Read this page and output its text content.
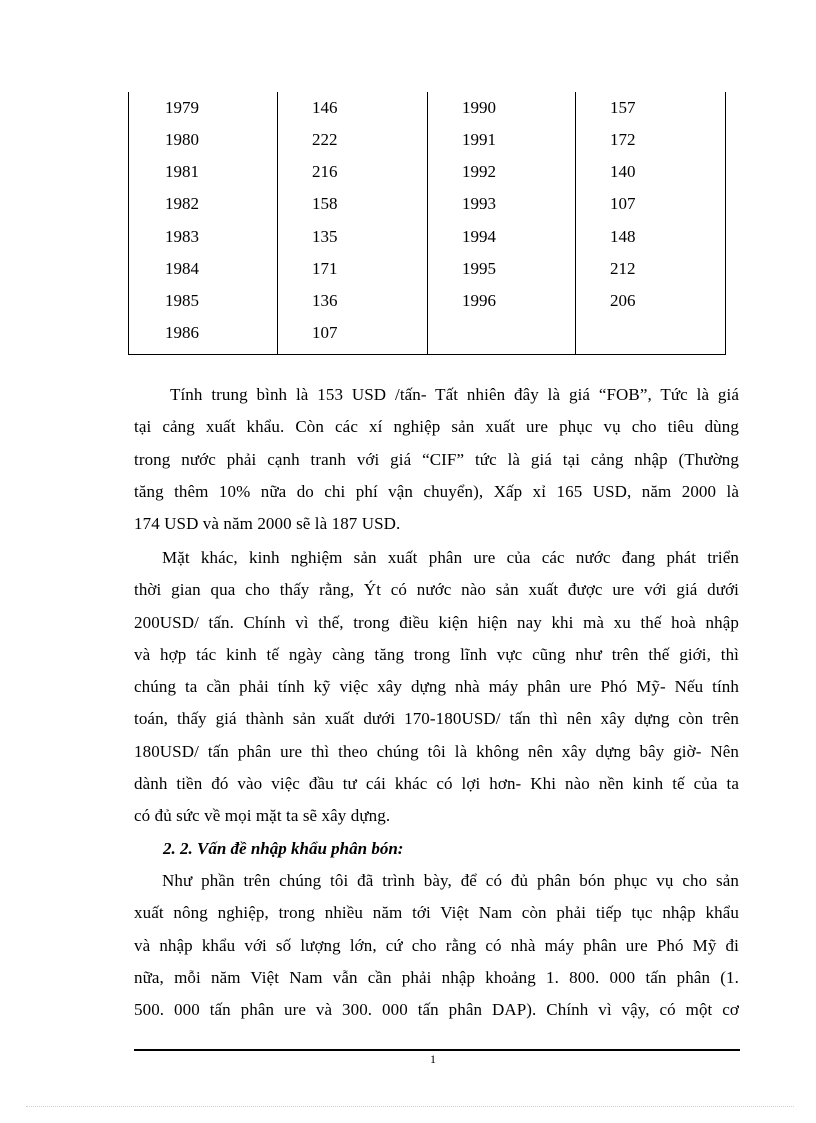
1979
1980
1981
1982
1983
1984
1985
1986
146
222
216
158
135
171
136
107
1990
1991
1992
1993
1994
1995
1996
157
172
140
107
148
212
206
Tính trung bình là 153 USD /tấn- Tất nhiên đây là giá “FOB”, Tức là giá
tại cảng xuất khẩu. Còn các xí nghiệp sản xuất ure phục vụ cho tiêu dùng
trong nước phải cạnh tranh với giá “CIF” tức là giá tại cảng nhập (Thường
tăng thêm 10% nữa do chi phí vận chuyển), Xấp xỉ 165 USD, năm 2000 là
174 USD và năm 2000 sẽ là 187 USD.
Mặt khác, kinh nghiệm sản xuất phân ure của các nước đang phát triển
thời gian qua cho thấy rằng, Ýt có nước nào sản xuất được ure với giá dưới
200USD/ tấn. Chính vì thế, trong điều kiện hiện nay khi mà xu thế hoà nhập
và hợp tác kinh tế ngày càng tăng trong lĩnh vực cũng như trên thế giới, thì
chúng ta cần phải tính kỹ việc xây dựng nhà máy phân ure Phó Mỹ- Nếu tính
toán, thấy giá thành sản xuất dưới 170-180USD/ tấn thì nên xây dựng còn trên
180USD/ tấn phân ure thì theo chúng tôi là không nên xây dựng bây giờ- Nên
dành tiền đó vào việc đầu tư cái khác có lợi hơn- Khi nào nền kinh tế của ta
có đủ sức về mọi mặt ta sẽ xây dựng.
2. 2. Vấn đề nhập khẩu phân bón:
Như phần trên chúng tôi đã trình bày, để có đủ phân bón phục vụ cho sản
xuất nông nghiệp, trong nhiều năm tới Việt Nam còn phải tiếp tục nhập khẩu
và nhập khẩu với số lượng lớn, cứ cho rằng có nhà máy phân ure Phó Mỹ đi
nữa, mỗi năm Việt Nam vẫn cần phải nhập khoảng 1. 800. 000 tấn phân (1.
500. 000 tấn phân ure và 300. 000 tấn phân DAP). Chính vì vậy, có một cơ
1
